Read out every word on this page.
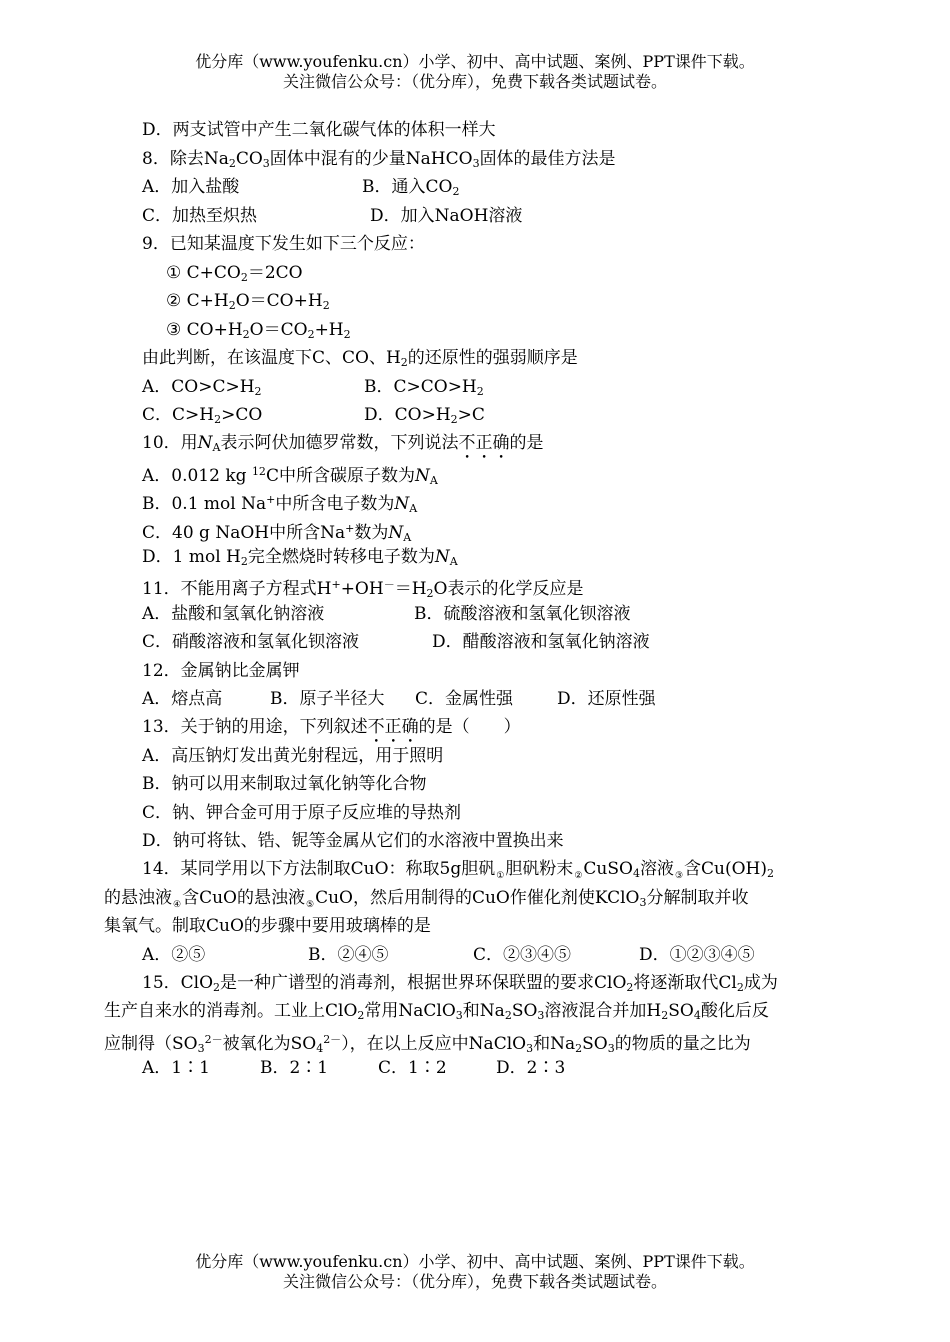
优分库（www.youfenku.cn）小学、初中、高中试题、案例、PPT课件下载。
关注微信公众号：（优分库），免费下载各类试题试卷。
D．两支试管中产生二氧化碳气体的体积一样大
8．除去$Na_2CO_3$固体中混有的少量NaHCO$_3$固体的最佳方法是
A．加入盐酸	B．通入$CO_2$
C．加热至炽热	D．加入NaOH溶液
9．已知某温度下发生如下三个反应：
① $C+CO_2=2CO$
② $C+H_2O=CO+H_2$
③ $CO+H_2O=CO_2+H_2$
由此判断，在该温度下C、CO、$H_2$的还原性的强弱顺序是
A．$CO>C>H_2$	B．$C>CO>H_2$
C．$C>H_2>CO$	D．$CO>H_2>C$
10．用$N_A$表示阿伏加德罗常数，下列说法不正确的是
A．0.012 kg $^{12}$C中所含碳原子数为$N_A$
B．0.1 mol Na+中所含电子数为$N_A$
C．40 g NaOH中所含Na+数为$N_A$
D．1 mol $H_2$完全燃烧时转移电子数为$N_A$
11．不能用离子方程式$H^++OH^-=H_2O$表示的化学反应是
A．盐酸和氢氧化钠溶液	B．硫酸溶液和氢氧化钡溶液
C．硝酸溶液和氢氧化钡溶液	D．醋酸溶液和氢氧化钠溶液
12．金属钠比金属钾
A．熔点高	B．原子半径大 C．金属性强	D．还原性强
13．关于钠的用途，下列叙述不正确的是（　　）
A．高压钠灯发出黄光射程远，用于照明
B．钠可以用来制取过氧化钠等化合物
C．钠、钾合金可用于原子反应堆的导热剂
D．钠可将钛、锆、铌等金属从它们的水溶液中置换出来
14．某同学用以下方法制取CuO：称取5g胆矾①胆矾粉末②CuSO$_4$溶液③含$Cu(OH)_2$
的悬浊液④含CuO的悬浊液⑤CuO，然后用制得的CuO作催化剂使KClO$_3$分解制取并收
集氧气。制取CuO的步骤中要用玻璃棒的是
A．②⑤	B．②④⑤	C．②③④⑤	D．①②③④⑤
15．ClO$_2$是一种广谱型的消毒剂，根据世界环保联盟的要求ClO$_2$将逐渐取代$Cl_2$成为
生产自来水的消毒剂。工业上ClO$_2$常用NaClO$_3$和$Na_2SO_3$溶液混合并加$H_2SO_4$酸化后反
应制得（$SO_3^{2-}$被氧化为$SO_4^{2-}$），在以上反应中NaClO$_3$和$Na_2SO_3$的物质的量之比为
A．1∶1	B．2∶1	C．1∶2	D．2∶3
优分库（www.youfenku.cn）小学、初中、高中试题、案例、PPT课件下载。
关注微信公众号：（优分库），免费下载各类试题试卷。
